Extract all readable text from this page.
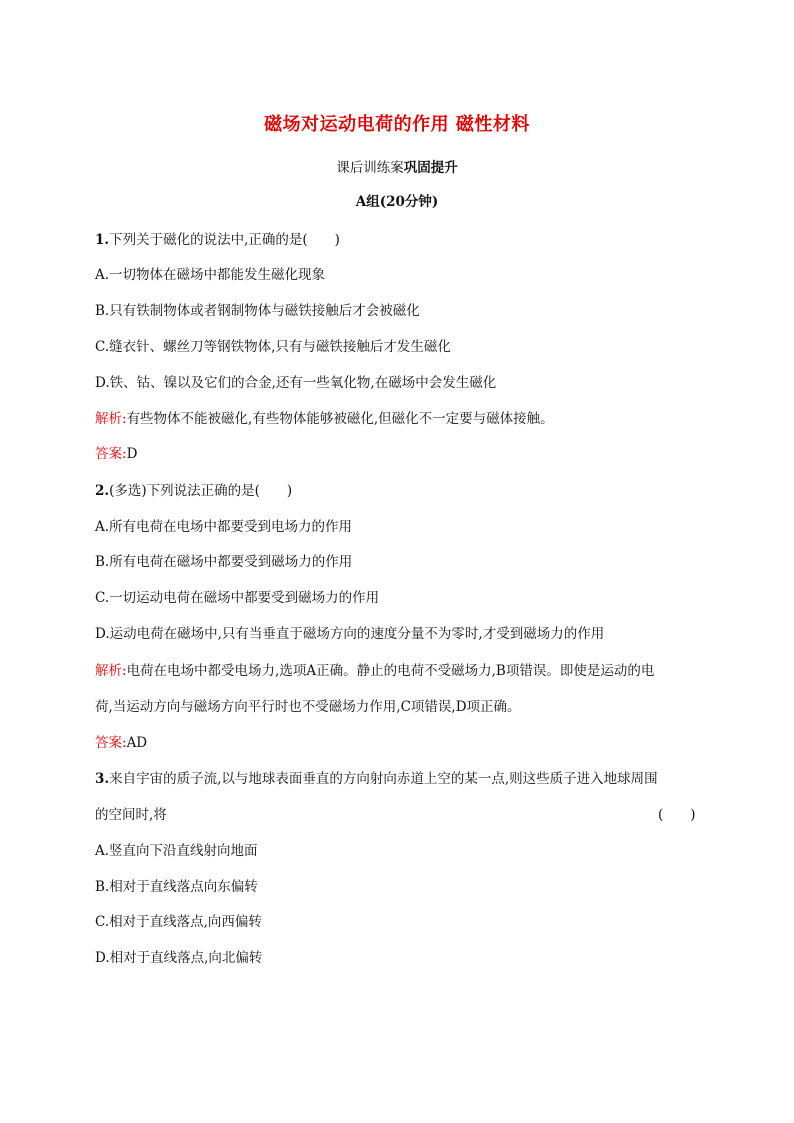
磁场对运动电荷的作用 磁性材料
课后训练案巩固提升
A组(20分钟)
1.下列关于磁化的说法中,正确的是(　　)
A.一切物体在磁场中都能发生磁化现象
B.只有铁制物体或者钢制物体与磁铁接触后才会被磁化
C.缝衣针、螺丝刀等钢铁物体,只有与磁铁接触后才发生磁化
D.铁、钴、镍以及它们的合金,还有一些氧化物,在磁场中会发生磁化
解析:有些物体不能被磁化,有些物体能够被磁化,但磁化不一定要与磁体接触。
答案:D
2.(多选)下列说法正确的是(　　)
A.所有电荷在电场中都要受到电场力的作用
B.所有电荷在磁场中都要受到磁场力的作用
C.一切运动电荷在磁场中都要受到磁场力的作用
D.运动电荷在磁场中,只有当垂直于磁场方向的速度分量不为零时,才受到磁场力的作用
解析:电荷在电场中都受电场力,选项A正确。静止的电荷不受磁场力,B项错误。即使是运动的电
荷,当运动方向与磁场方向平行时也不受磁场力作用,C项错误,D项正确。
答案:AD
3.来自宇宙的质子流,以与地球表面垂直的方向射向赤道上空的某一点,则这些质子进入地球周围
的空间时,将	(　　)
A.竖直向下沿直线射向地面
B.相对于直线落点向东偏转
C.相对于直线落点,向西偏转
D.相对于直线落点,向北偏转
